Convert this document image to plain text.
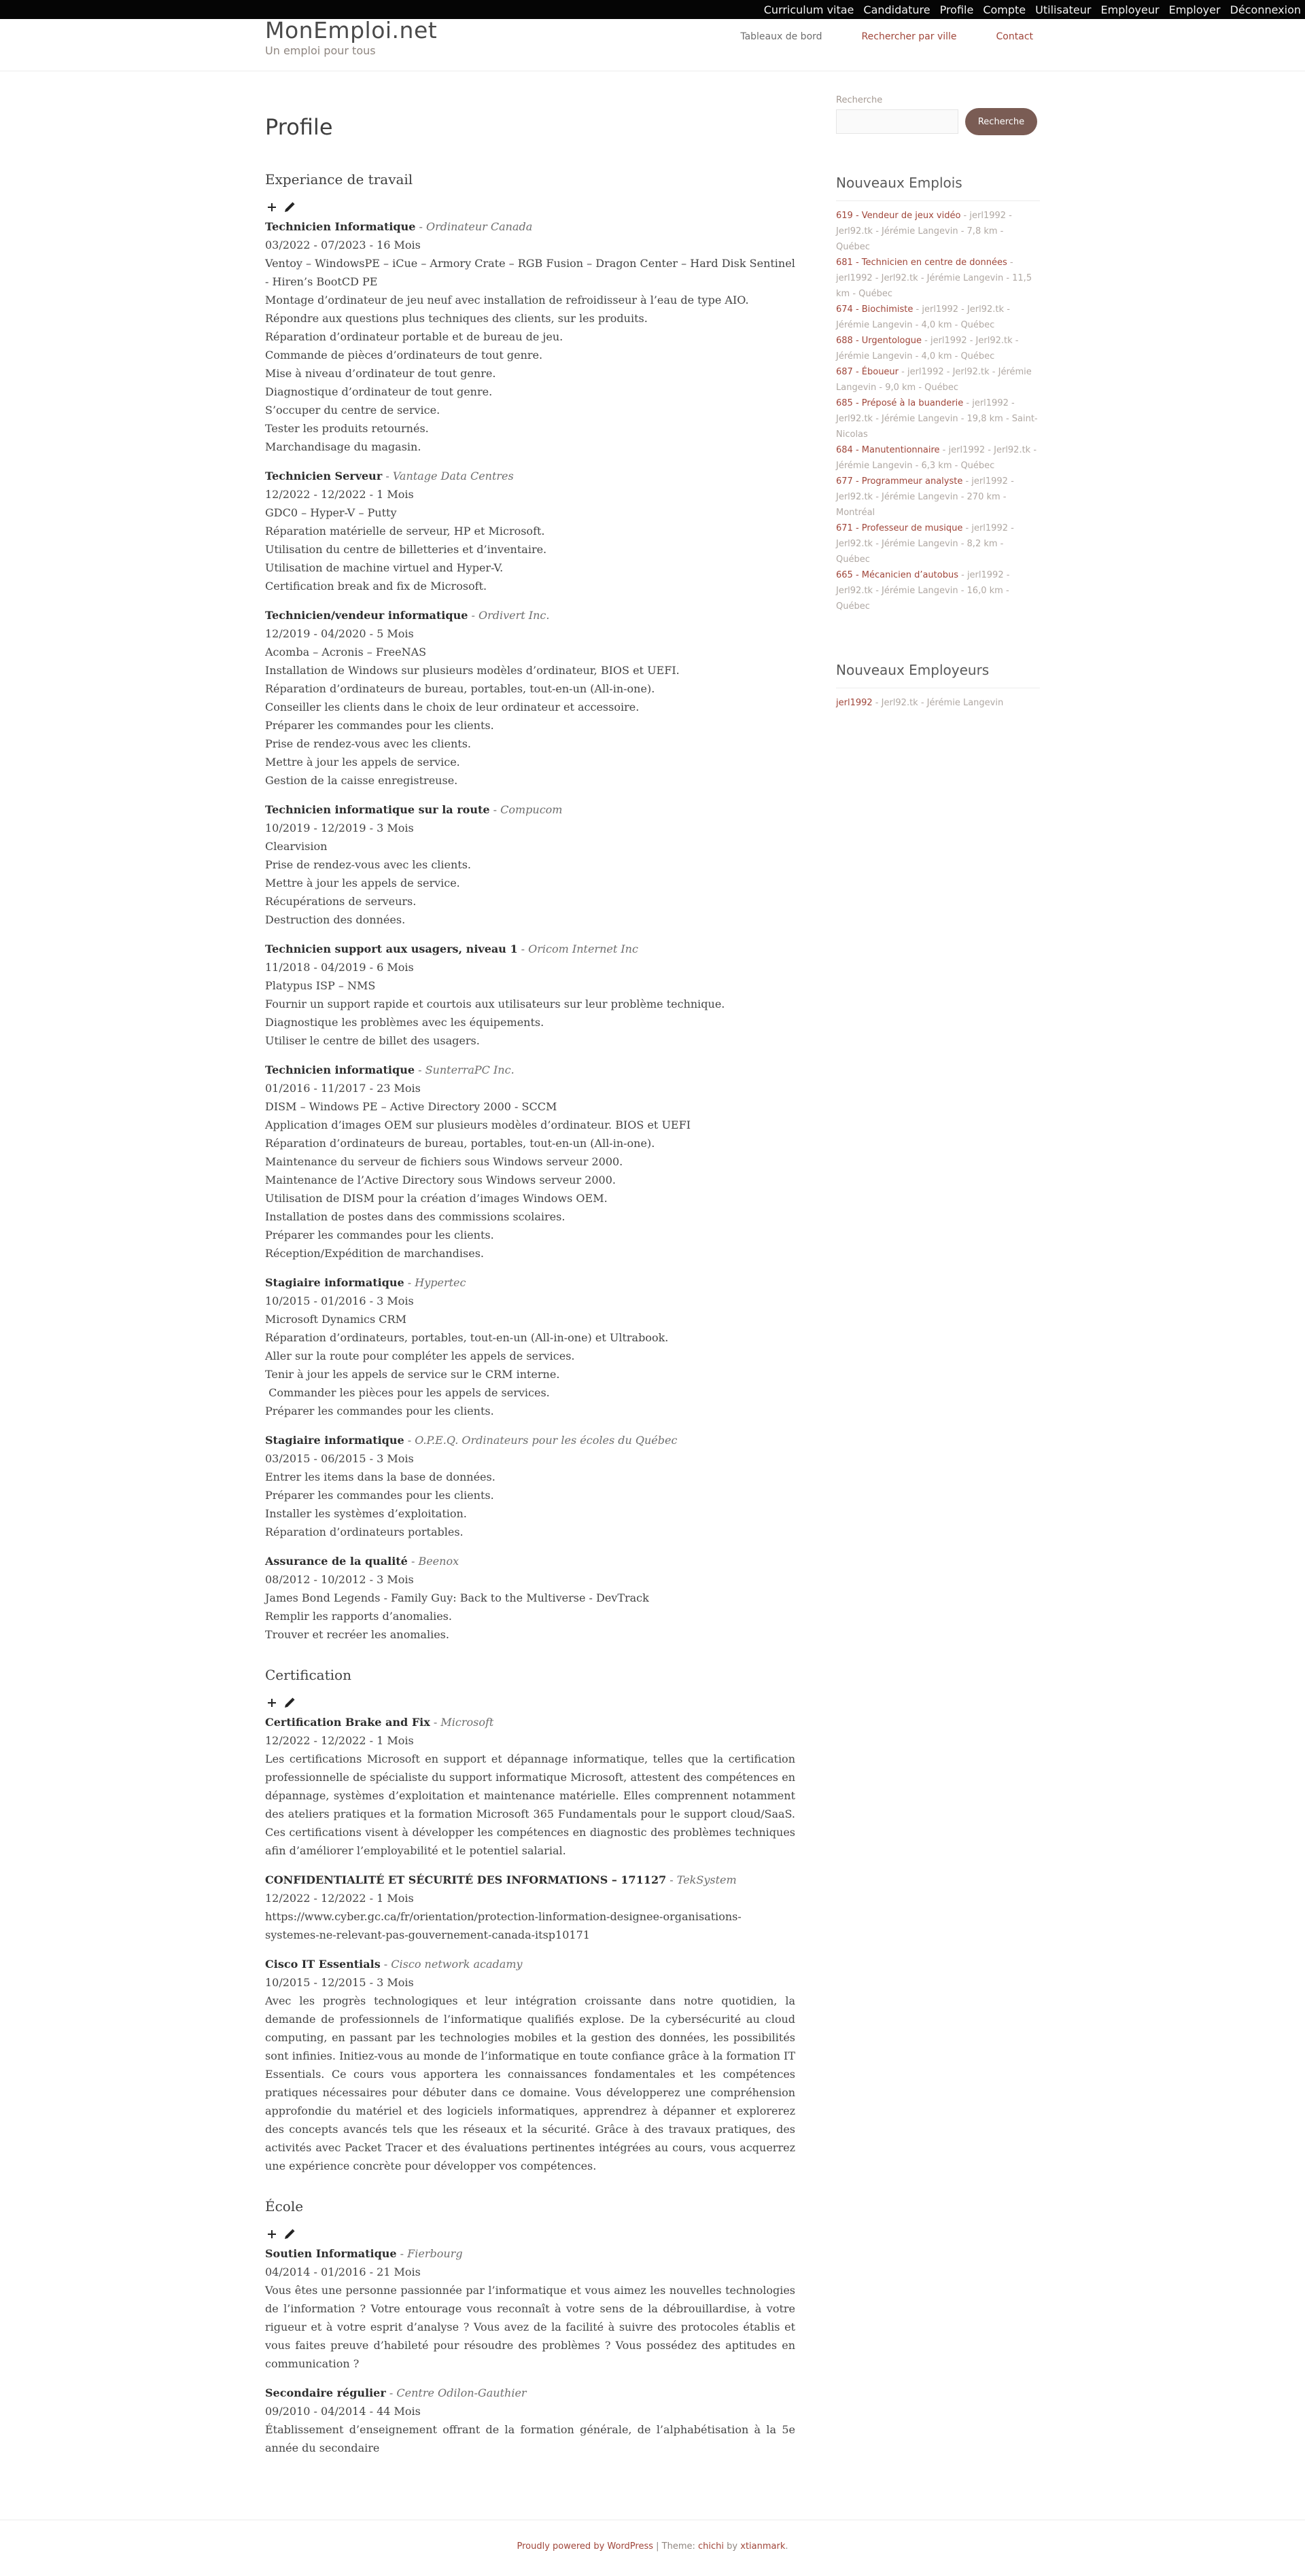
Curriculum vitae Candidature Profile Compte Utilisateur Employeur Employer Déconnexion
MonEmploi.net
Un emploi pour tous
Tableaux de bord	Rechercher par ville	Contact
Profile
Experiance de travail
Technicien Informatique - Ordinateur Canada
03/2022 - 07/2023 - 16 Mois
Ventoy – WindowsPE – iCue – Armory Crate – RGB Fusion – Dragon Center – Hard Disk Sentinel - Hiren’s BootCD PE
Montage d’ordinateur de jeu neuf avec installation de refroidisseur à l’eau de type AIO.
Répondre aux questions plus techniques des clients, sur les produits.
Réparation d’ordinateur portable et de bureau de jeu.
Commande de pièces d’ordinateurs de tout genre.
Mise à niveau d’ordinateur de tout genre.
Diagnostique d’ordinateur de tout genre.
S’occuper du centre de service.
Tester les produits retournés.
Marchandisage du magasin.
Technicien Serveur - Vantage Data Centres
12/2022 - 12/2022 - 1 Mois
GDC0 – Hyper-V – Putty
Réparation matérielle de serveur, HP et Microsoft.
Utilisation du centre de billetteries et d’inventaire.
Utilisation de machine virtuel and Hyper-V.
Certification break and fix de Microsoft.
Technicien/vendeur informatique - Ordivert Inc.
12/2019 - 04/2020 - 5 Mois
Acomba – Acronis – FreeNAS
Installation de Windows sur plusieurs modèles d’ordinateur, BIOS et UEFI.
Réparation d’ordinateurs de bureau, portables, tout-en-un (All-in-one).
Conseiller les clients dans le choix de leur ordinateur et accessoire.
Préparer les commandes pour les clients.
Prise de rendez-vous avec les clients.
Mettre à jour les appels de service.
Gestion de la caisse enregistreuse.
Technicien informatique sur la route - Compucom
10/2019 - 12/2019 - 3 Mois
Clearvision
Prise de rendez-vous avec les clients.
Mettre à jour les appels de service.
Récupérations de serveurs.
Destruction des données.
Technicien support aux usagers, niveau 1 - Oricom Internet Inc
11/2018 - 04/2019 - 6 Mois
Platypus ISP – NMS
Fournir un support rapide et courtois aux utilisateurs sur leur problème technique.
Diagnostique les problèmes avec les équipements.
Utiliser le centre de billet des usagers.
Technicien informatique - SunterraPC Inc.
01/2016 - 11/2017 - 23 Mois
DISM – Windows PE – Active Directory 2000 - SCCM
Application d’images OEM sur plusieurs modèles d’ordinateur. BIOS et UEFI
Réparation d’ordinateurs de bureau, portables, tout-en-un (All-in-one).
Maintenance du serveur de fichiers sous Windows serveur 2000.
Maintenance de l’Active Directory sous Windows serveur 2000.
Utilisation de DISM pour la création d’images Windows OEM.
Installation de postes dans des commissions scolaires.
Préparer les commandes pour les clients.
Réception/Expédition de marchandises.
Stagiaire informatique - Hypertec
10/2015 - 01/2016 - 3 Mois
Microsoft Dynamics CRM
Réparation d’ordinateurs, portables, tout-en-un (All-in-one) et Ultrabook.
Aller sur la route pour compléter les appels de services.
Tenir à jour les appels de service sur le CRM interne.
Commander les pièces pour les appels de services.
Préparer les commandes pour les clients.
Stagiaire informatique - O.P.E.Q. Ordinateurs pour les écoles du Québec
03/2015 - 06/2015 - 3 Mois
Entrer les items dans la base de données.
Préparer les commandes pour les clients.
Installer les systèmes d’exploitation.
Réparation d’ordinateurs portables.
Assurance de la qualité - Beenox
08/2012 - 10/2012 - 3 Mois
James Bond Legends - Family Guy: Back to the Multiverse - DevTrack
Remplir les rapports d’anomalies.
Trouver et recréer les anomalies.
Certification
Certification Brake and Fix - Microsoft
12/2022 - 12/2022 - 1 Mois
Les certifications Microsoft en support et dépannage informatique, telles que la certification professionnelle de spécialiste du support informatique Microsoft, attestent des compétences en dépannage, systèmes d’exploitation et maintenance matérielle. Elles comprennent notamment des ateliers pratiques et la formation Microsoft 365 Fundamentals pour le support cloud/SaaS. Ces certifications visent à développer les compétences en diagnostic des problèmes techniques afin d’améliorer l’employabilité et le potentiel salarial.
CONFIDENTIALITÉ ET SÉCURITÉ DES INFORMATIONS – 171127 - TekSystem
12/2022 - 12/2022 - 1 Mois
https://www.cyber.gc.ca/fr/orientation/protection-linformation-designee-organisations-systemes-ne-relevant-pas-gouvernement-canada-itsp10171
Cisco IT Essentials - Cisco network acadamy
10/2015 - 12/2015 - 3 Mois
Avec les progrès technologiques et leur intégration croissante dans notre quotidien, la demande de professionnels de l’informatique qualifiés explose. De la cybersécurité au cloud computing, en passant par les technologies mobiles et la gestion des données, les possibilités sont infinies. Initiez-vous au monde de l’informatique en toute confiance grâce à la formation IT Essentials. Ce cours vous apportera les connaissances fondamentales et les compétences pratiques nécessaires pour débuter dans ce domaine. Vous développerez une compréhension approfondie du matériel et des logiciels informatiques, apprendrez à dépanner et explorerez des concepts avancés tels que les réseaux et la sécurité. Grâce à des travaux pratiques, des activités avec Packet Tracer et des évaluations pertinentes intégrées au cours, vous acquerrez une expérience concrète pour développer vos compétences.
École
Soutien Informatique - Fierbourg
04/2014 - 01/2016 - 21 Mois
Vous êtes une personne passionnée par l’informatique et vous aimez les nouvelles technologies de l’information ? Votre entourage vous reconnaît à votre sens de la débrouillardise, à votre rigueur et à votre esprit d’analyse ? Vous avez de la facilité à suivre des protocoles établis et vous faites preuve d’habileté pour résoudre des problèmes ? Vous possédez des aptitudes en communication ?
Secondaire régulier - Centre Odilon-Gauthier
09/2010 - 04/2014 - 44 Mois
Établissement d’enseignement offrant de la formation générale, de l’alphabétisation à la 5e année du secondaire
Recherche
Recherche
Nouveaux Emplois
619 - Vendeur de jeux vidéo - jerl1992 - Jerl92.tk - Jérémie Langevin - 7,8 km - Québec
681 - Technicien en centre de données - jerl1992 - Jerl92.tk - Jérémie Langevin - 11,5 km - Québec
674 - Biochimiste - jerl1992 - Jerl92.tk - Jérémie Langevin - 4,0 km - Québec
688 - Urgentologue - jerl1992 - Jerl92.tk - Jérémie Langevin - 4,0 km - Québec
687 - Éboueur - jerl1992 - Jerl92.tk - Jérémie Langevin - 9,0 km - Québec
685 - Préposé à la buanderie - jerl1992 - Jerl92.tk - Jérémie Langevin - 19,8 km - Saint-Nicolas
684 - Manutentionnaire - jerl1992 - Jerl92.tk - Jérémie Langevin - 6,3 km - Québec
677 - Programmeur analyste - jerl1992 - Jerl92.tk - Jérémie Langevin - 270 km - Montréal
671 - Professeur de musique - jerl1992 - Jerl92.tk - Jérémie Langevin - 8,2 km - Québec
665 - Mécanicien d’autobus - jerl1992 - Jerl92.tk - Jérémie Langevin - 16,0 km - Québec
Nouveaux Employeurs
jerl1992 - Jerl92.tk - Jérémie Langevin
Proudly powered by WordPress | Theme: chichi by xtianmark.
